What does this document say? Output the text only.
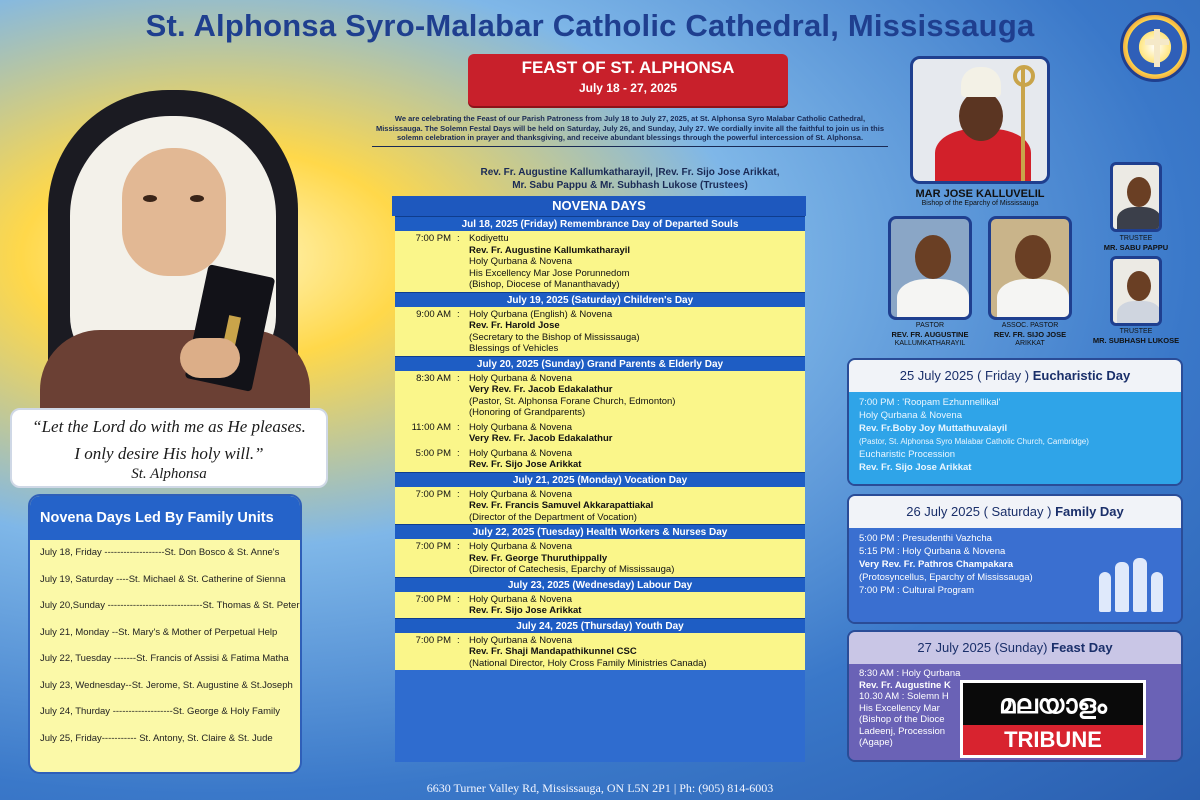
St. Alphonsa Syro-Malabar Catholic Cathedral, Mississauga
“Let the Lord do with me as He pleases.
I only desire His holy will.”
St. Alphonsa
Novena Days Led By Family Units
July 18, Friday -------------------St. Don Bosco & St. Anne's
July 19, Saturday ----St. Michael & St. Catherine of Sienna
July 20,Sunday ------------------------------St. Thomas & St. Peter
July 21, Monday --St. Mary's & Mother of Perpetual Help
July 22, Tuesday -------St. Francis of Assisi & Fatima Matha
July 23, Wednesday--St. Jerome, St. Augustine & St.Joseph
July 24, Thurday -------------------St. George & Holy Family
July 25, Friday----------- St. Antony, St. Claire & St. Jude
FEAST OF ST. ALPHONSA
July 18 - 27, 2025
We are celebrating the Feast of our Parish Patroness from July 18 to July 27, 2025, at St. Alphonsa Syro Malabar Catholic Cathedral, Mississauga. The Solemn Festal Days will be held on Saturday, July 26, and Sunday, July 27. We cordially invite all the faithful to join us in this solemn celebration in prayer and thanksgiving, and receive abundant blessings through the powerful intercession of St. Alphonsa.
Rev. Fr. Augustine Kallumkatharayil, |Rev. Fr. Sijo Jose Arikkat,
Mr. Sabu Pappu & Mr. Subhash Lukose (Trustees)
NOVENA DAYS
Jul 18, 2025 (Friday) Remembrance Day of Departed Souls
7:00 PM : Kodiyettu
Rev. Fr. Augustine Kallumkatharayil
Holy Qurbana & Novena
His Excellency Mar Jose Porunnedom
(Bishop, Diocese of Mananthavady)
July 19, 2025 (Saturday) Children's Day
9:00 AM : Holy Qurbana (English) & Novena
Rev. Fr. Harold Jose
(Secretary to the Bishop of Mississauga)
Blessings of Vehicles
July 20, 2025 (Sunday) Grand Parents & Elderly Day
8:30 AM : Holy Qurbana & Novena
Very Rev. Fr. Jacob Edakalathur
(Pastor, St. Alphonsa Forane Church, Edmonton)
(Honoring of Grandparents)
11:00 AM : Holy Qurbana & Novena
Very Rev. Fr. Jacob Edakalathur
5:00 PM : Holy Qurbana & Novena
Rev. Fr. Sijo Jose Arikkat
July 21, 2025 (Monday) Vocation Day
7:00 PM : Holy Qurbana & Novena
Rev. Fr. Francis Samuvel Akkarapattiakal
(Director of the Department of Vocation)
July 22, 2025 (Tuesday) Health Workers & Nurses Day
7:00 PM : Holy Qurbana & Novena
Rev. Fr. George Thuruthippally
(Director of Catechesis, Eparchy of Mississauga)
July 23, 2025 (Wednesday) Labour Day
7:00 PM : Holy Qurbana & Novena
Rev. Fr. Sijo Jose Arikkat
July 24, 2025 (Thursday) Youth Day
7:00 PM : Holy Qurbana & Novena
Rev. Fr. Shaji Mandapathikunnel CSC
(National Director, Holy Cross Family Ministries Canada)
MAR JOSE KALLUVELIL
Bishop of the Eparchy of Mississauga
PASTOR
REV. FR. AUGUSTINE
KALLUMKATHARAYIL
ASSOC. PASTOR
REV. FR. SIJO JOSE
ARIKKAT
TRUSTEE
MR. SABU PAPPU
TRUSTEE
MR. SUBHASH LUKOSE
25 July 2025 ( Friday ) Eucharistic Day
7:00 PM : 'Roopam Ezhunnellikal'
Holy Qurbana & Novena
Rev. Fr.Boby Joy Muttathuvalayil
(Pastor, St. Alphonsa Syro Malabar Catholic Church, Cambridge)
Eucharistic Procession
Rev. Fr. Sijo Jose Arikkat
26 July 2025 ( Saturday ) Family Day
5:00 PM : Presudenthi Vazhcha
5:15 PM : Holy Qurbana & Novena
Very Rev. Fr. Pathros Champakara
(Protosyncellus, Eparchy of Mississauga)
7:00 PM : Cultural Program
27 July 2025 (Sunday) Feast Day
8:30 AM : Holy Qurbana
Rev. Fr. Augustine K
10.30 AM : Solemn H
His Excellency Mar
(Bishop of the Dioce
Ladeenj, Procession
(Agape)
മലയാളം
TRIBUNE
6630 Turner Valley Rd, Mississauga, ON L5N 2P1 | Ph: (905) 814-6003
